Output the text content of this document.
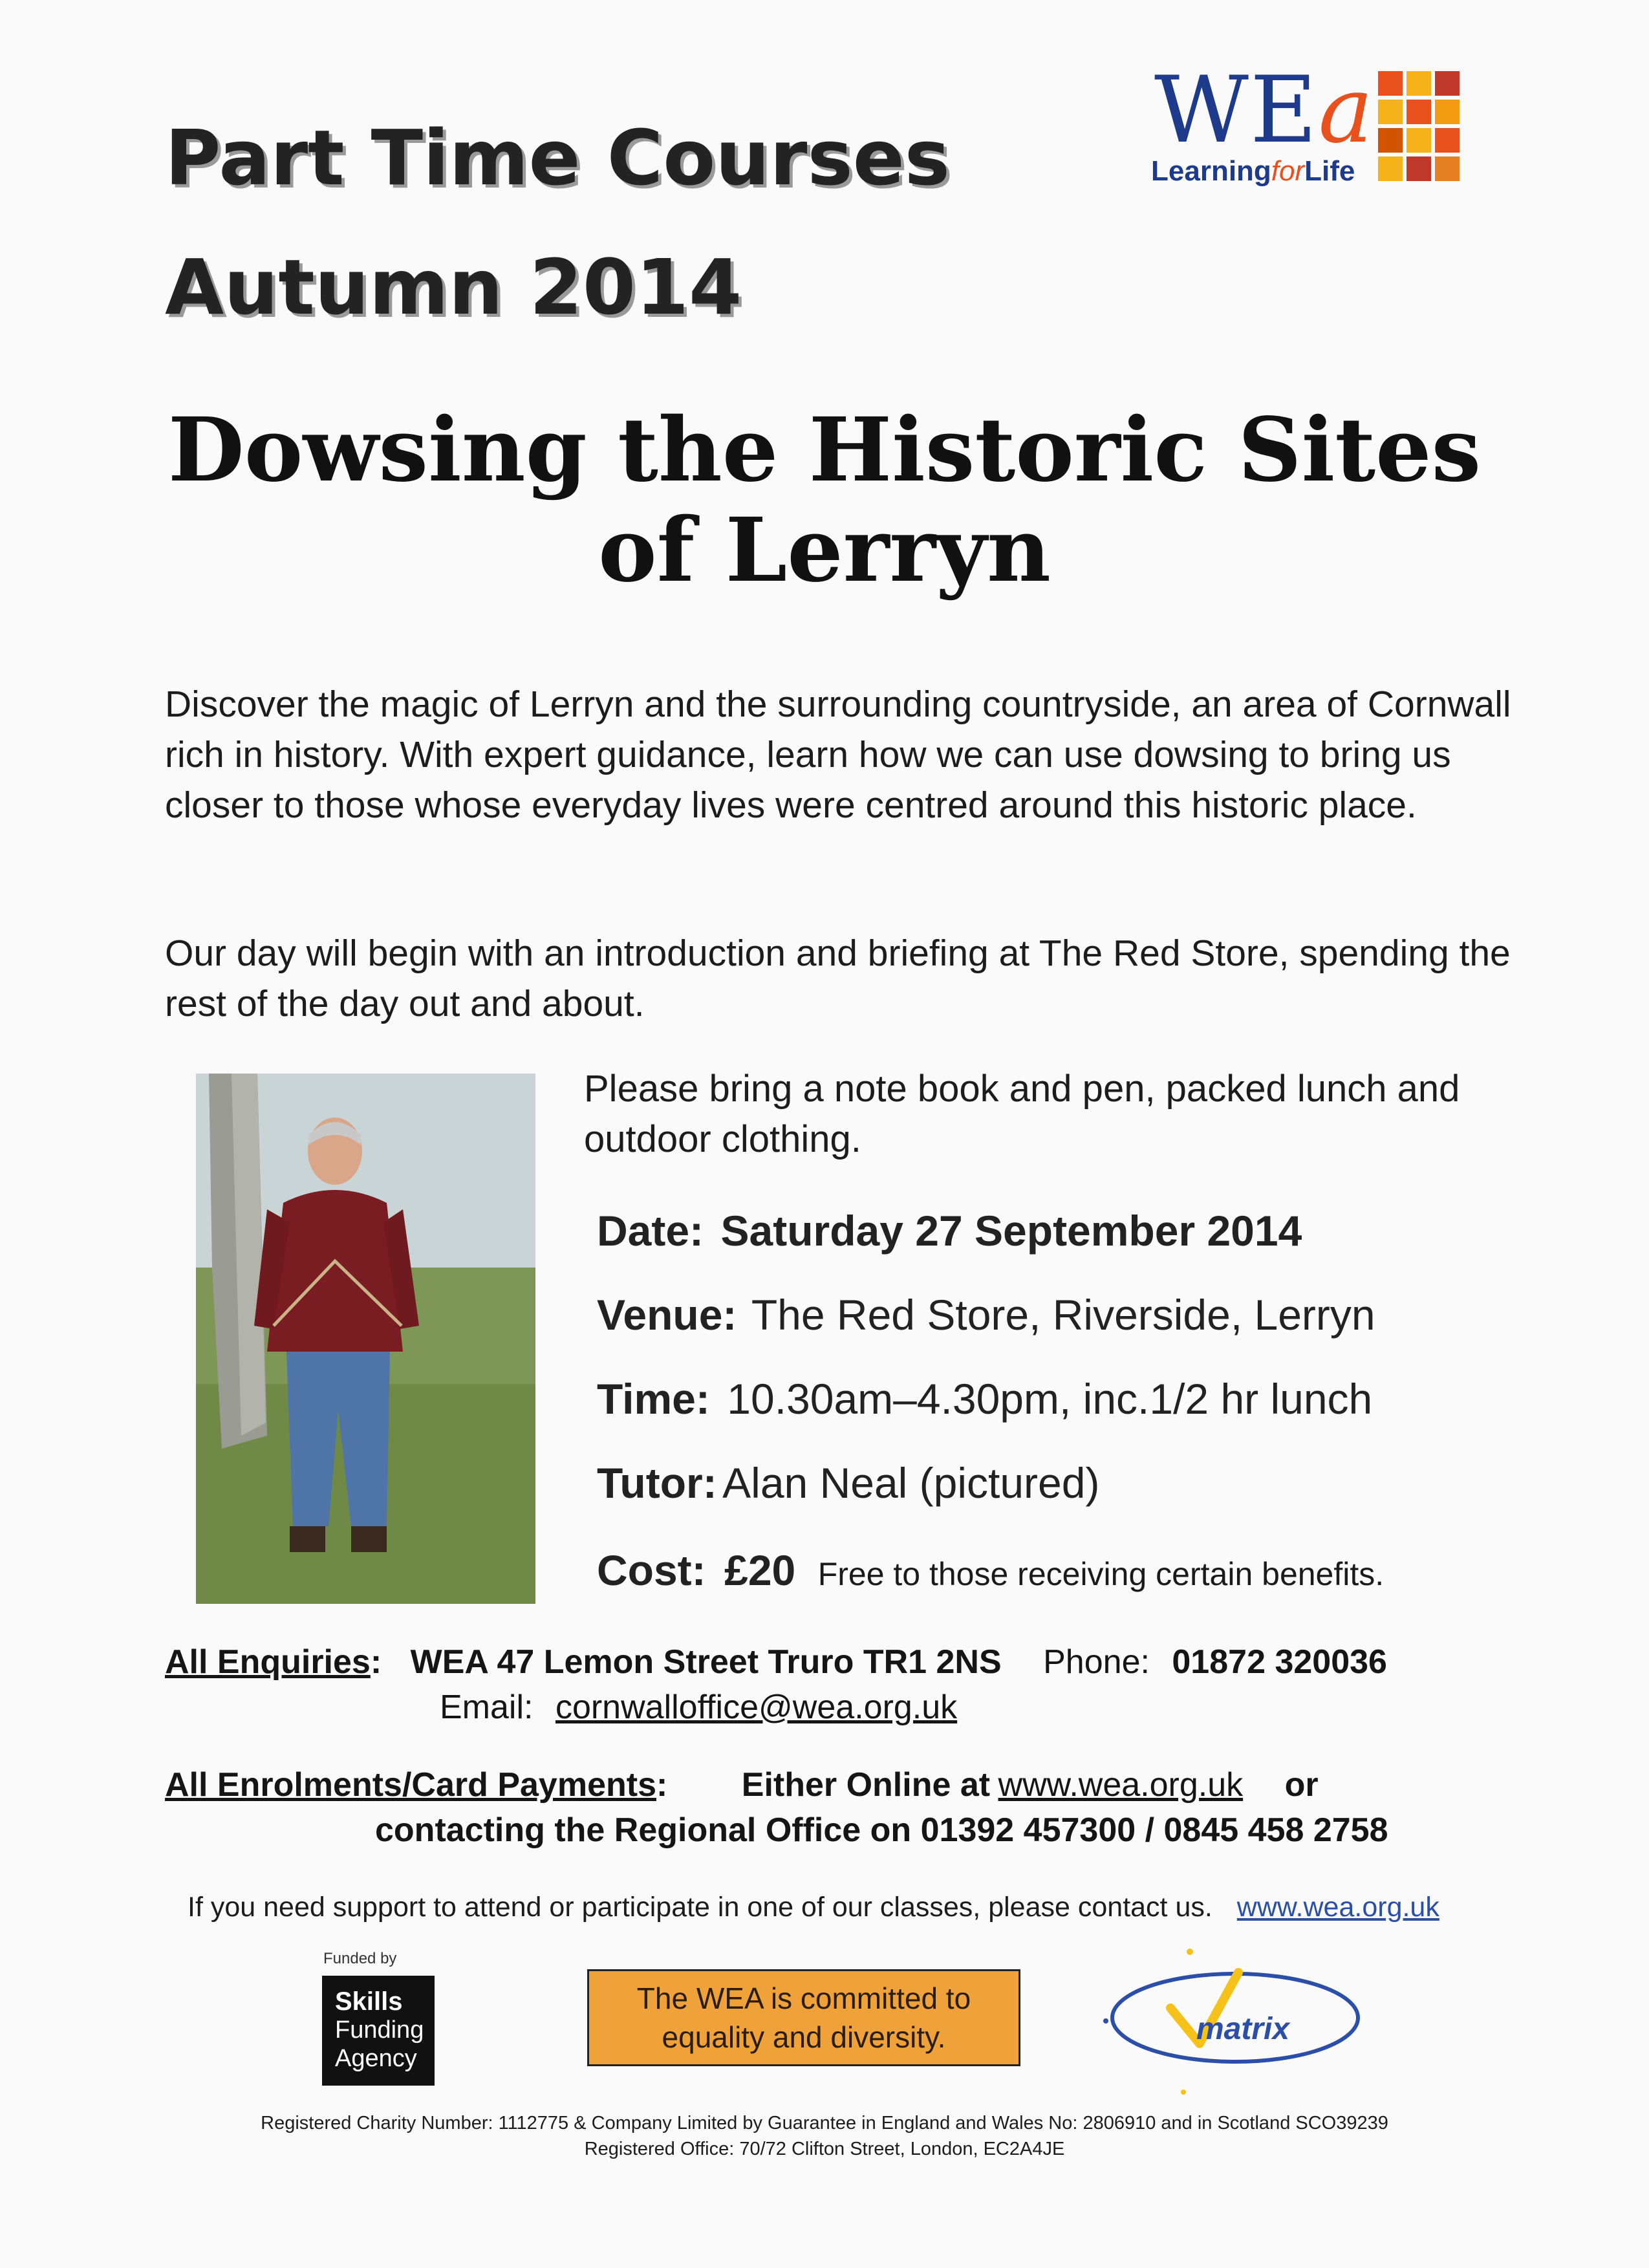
Part Time Courses
Autumn 2014
WEa
LearningforLife
Dowsing the Historic Sites
of Lerryn
Discover the magic of Lerryn and the surrounding countryside, an area of Cornwall rich in history. With expert guidance, learn how we can use dowsing to bring us closer to those whose everyday lives were centred around this historic place.
Our day will begin with an introduction and briefing at The Red Store, spending the rest of the day out and about.
Please bring a note book and pen, packed lunch and outdoor clothing.
Date: Saturday 27 September 2014
Venue: The Red Store, Riverside, Lerryn
Time: 10.30am–4.30pm, inc.1/2 hr lunch
Tutor: Alan Neal (pictured)
Cost: £20 Free to those receiving certain benefits.
All Enquiries: WEA 47 Lemon Street Truro TR1 2NS Phone: 01872 320036
Email: cornwalloffice@wea.org.uk
All Enrolments/Card Payments: Either Online at www.wea.org.uk or
contacting the Regional Office on 01392 457300 / 0845 458 2758
If you need support to attend or participate in one of our classes, please contact us. www.wea.org.uk
Funded by
Skills
Funding
Agency
The WEA is committed to
equality and diversity.	matrix
Registered Charity Number: 1112775 & Company Limited by Guarantee in England and Wales No: 2806910 and in Scotland SCO39239
Registered Office: 70/72 Clifton Street, London, EC2A4JE
